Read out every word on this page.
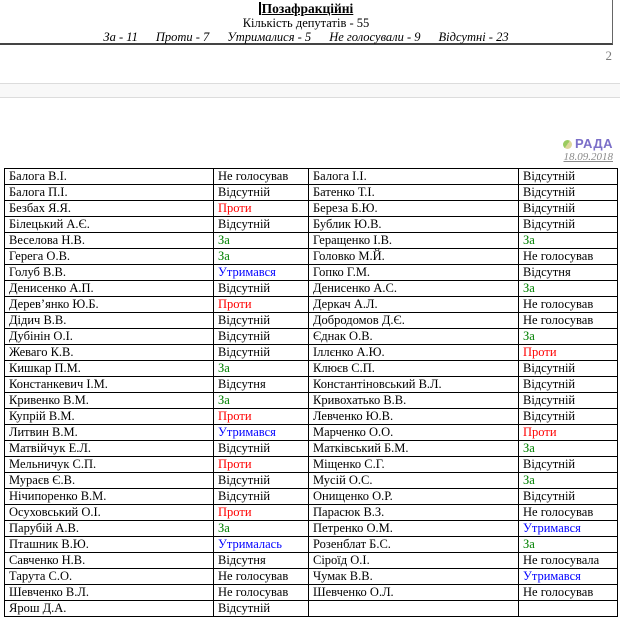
Позафракційні
Кількість депутатів - 55
За - 11 Проти - 7 Утрималися - 5 Не голосували - 9 Відсутні - 23
2
РАДА
18.09.2018
Балога В.І.	Не голосував	Балога І.І.	Відсутній
Балога П.І.	Відсутній	Батенко Т.І.	Відсутній
Безбах Я.Я.	Проти	Береза Б.Ю.	Відсутній
Білецький А.Є.	Відсутній	Бублик Ю.В.	Відсутній
Веселова Н.В.	За	Геращенко І.В.	За
Герега О.В.	За	Головко М.Й.	Не голосував
Голуб В.В.	Утримався	Гопко Г.М.	Відсутня
Денисенко А.П.	Відсутній	Денисенко А.С.	За
Дерев’янко Ю.Б.	Проти	Деркач А.Л.	Не голосував
Дідич В.В.	Відсутній	Добродомов Д.Є.	Не голосував
Дубінін О.І.	Відсутній	Єднак О.В.	За
Жеваго К.В.	Відсутній	Іллєнко А.Ю.	Проти
Кишкар П.М.	За	Клюєв С.П.	Відсутній
Констанкевич І.М.	Відсутня	Константіновський В.Л.	Відсутній
Кривенко В.М.	За	Кривохатько В.В.	Відсутній
Купрій В.М.	Проти	Левченко Ю.В.	Відсутній
Литвин В.М.	Утримався	Марченко О.О.	Проти
Матвійчук Е.Л.	Відсутній	Матківський Б.М.	За
Мельничук С.П.	Проти	Міщенко С.Г.	Відсутній
Мураєв Є.В.	Відсутній	Мусій О.С.	За
Нічипоренко В.М.	Відсутній	Онищенко О.Р.	Відсутній
Осуховський О.І.	Проти	Парасюк В.З.	Не голосував
Парубій А.В.	За	Петренко О.М.	Утримався
Пташник В.Ю.	Утрималась	Розенблат Б.С.	За
Савченко Н.В.	Відсутня	Сіроїд О.І.	Не голосувала
Тарута С.О.	Не голосував	Чумак В.В.	Утримався
Шевченко В.Л.	Не голосував	Шевченко О.Л.	Не голосував
Ярош Д.А.	Відсутній		
